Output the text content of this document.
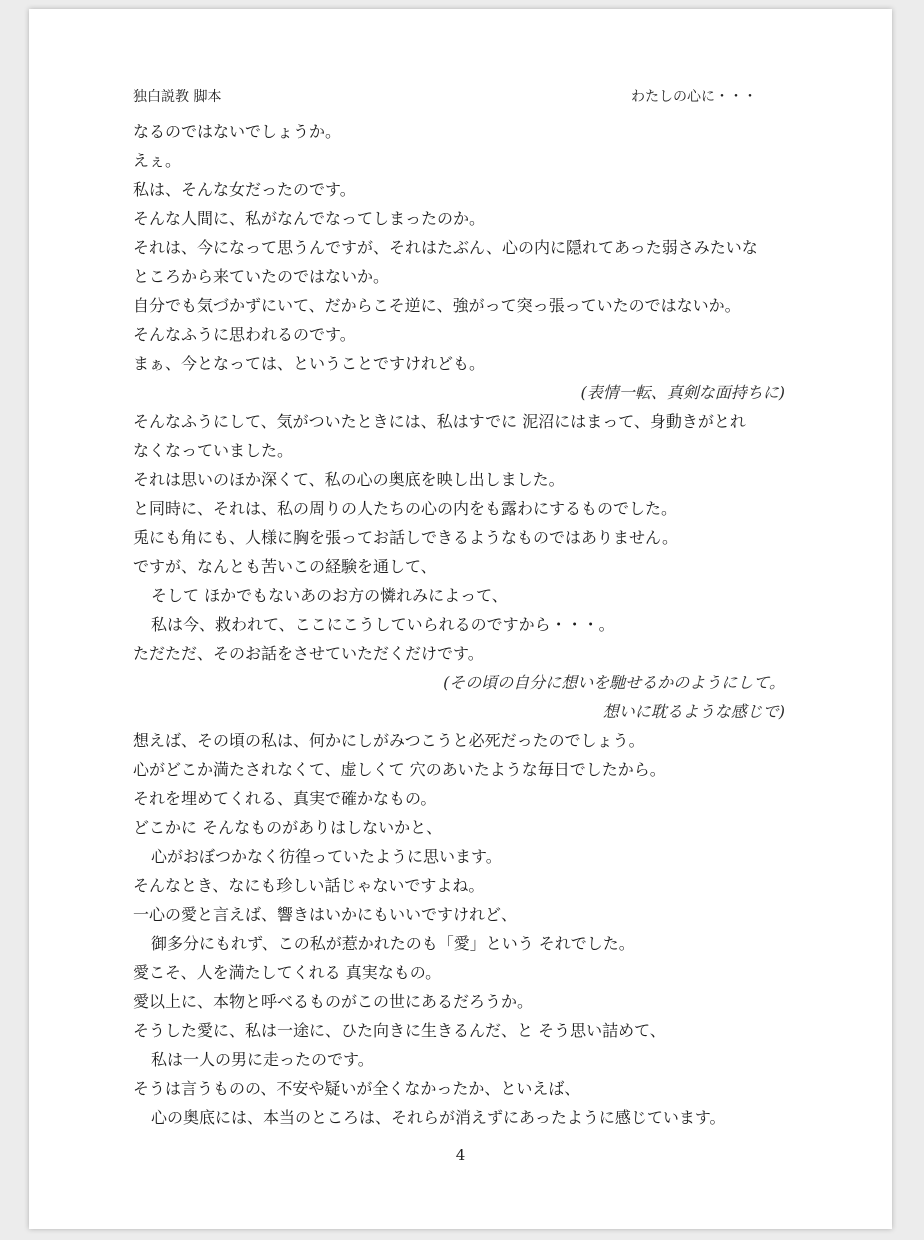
独白説教 脚本	わたしの心に・・・
なるのではないでしょうか。
えぇ。
私は、そんな女だったのです。
そんな人間に、私がなんでなってしまったのか。
それは、今になって思うんですが、それはたぶん、心の内に隠れてあった弱さみたいな
ところから来ていたのではないか。
自分でも気づかずにいて、だからこそ逆に、強がって突っ張っていたのではないか。
そんなふうに思われるのです。
まぁ、今となっては、ということですけれども。
(表情一転、真剣な面持ちに)
そんなふうにして、気がついたときには、私はすでに 泥沼にはまって、身動きがとれ
なくなっていました。
それは思いのほか深くて、私の心の奥底を映し出しました。
と同時に、それは、私の周りの人たちの心の内をも露わにするものでした。
兎にも角にも、人様に胸を張ってお話しできるようなものではありません。
ですが、なんとも苦いこの経験を通して、
そして ほかでもないあのお方の憐れみによって、
私は今、救われて、ここにこうしていられるのですから・・・。
ただただ、そのお話をさせていただくだけです。
(その頃の自分に想いを馳せるかのようにして。
想いに耽るような感じで)
想えば、その頃の私は、何かにしがみつこうと必死だったのでしょう。
心がどこか満たされなくて、虚しくて 穴のあいたような毎日でしたから。
それを埋めてくれる、真実で確かなもの。
どこかに そんなものがありはしないかと、
心がおぼつかなく彷徨っていたように思います。
そんなとき、なにも珍しい話じゃないですよね。
一心の愛と言えば、響きはいかにもいいですけれど、
御多分にもれず、この私が惹かれたのも「愛」という それでした。
愛こそ、人を満たしてくれる 真実なもの。
愛以上に、本物と呼べるものがこの世にあるだろうか。
そうした愛に、私は一途に、ひた向きに生きるんだ、と そう思い詰めて、
私は一人の男に走ったのです。
そうは言うものの、不安や疑いが全くなかったか、といえば、
心の奥底には、本当のところは、それらが消えずにあったように感じています。
4
